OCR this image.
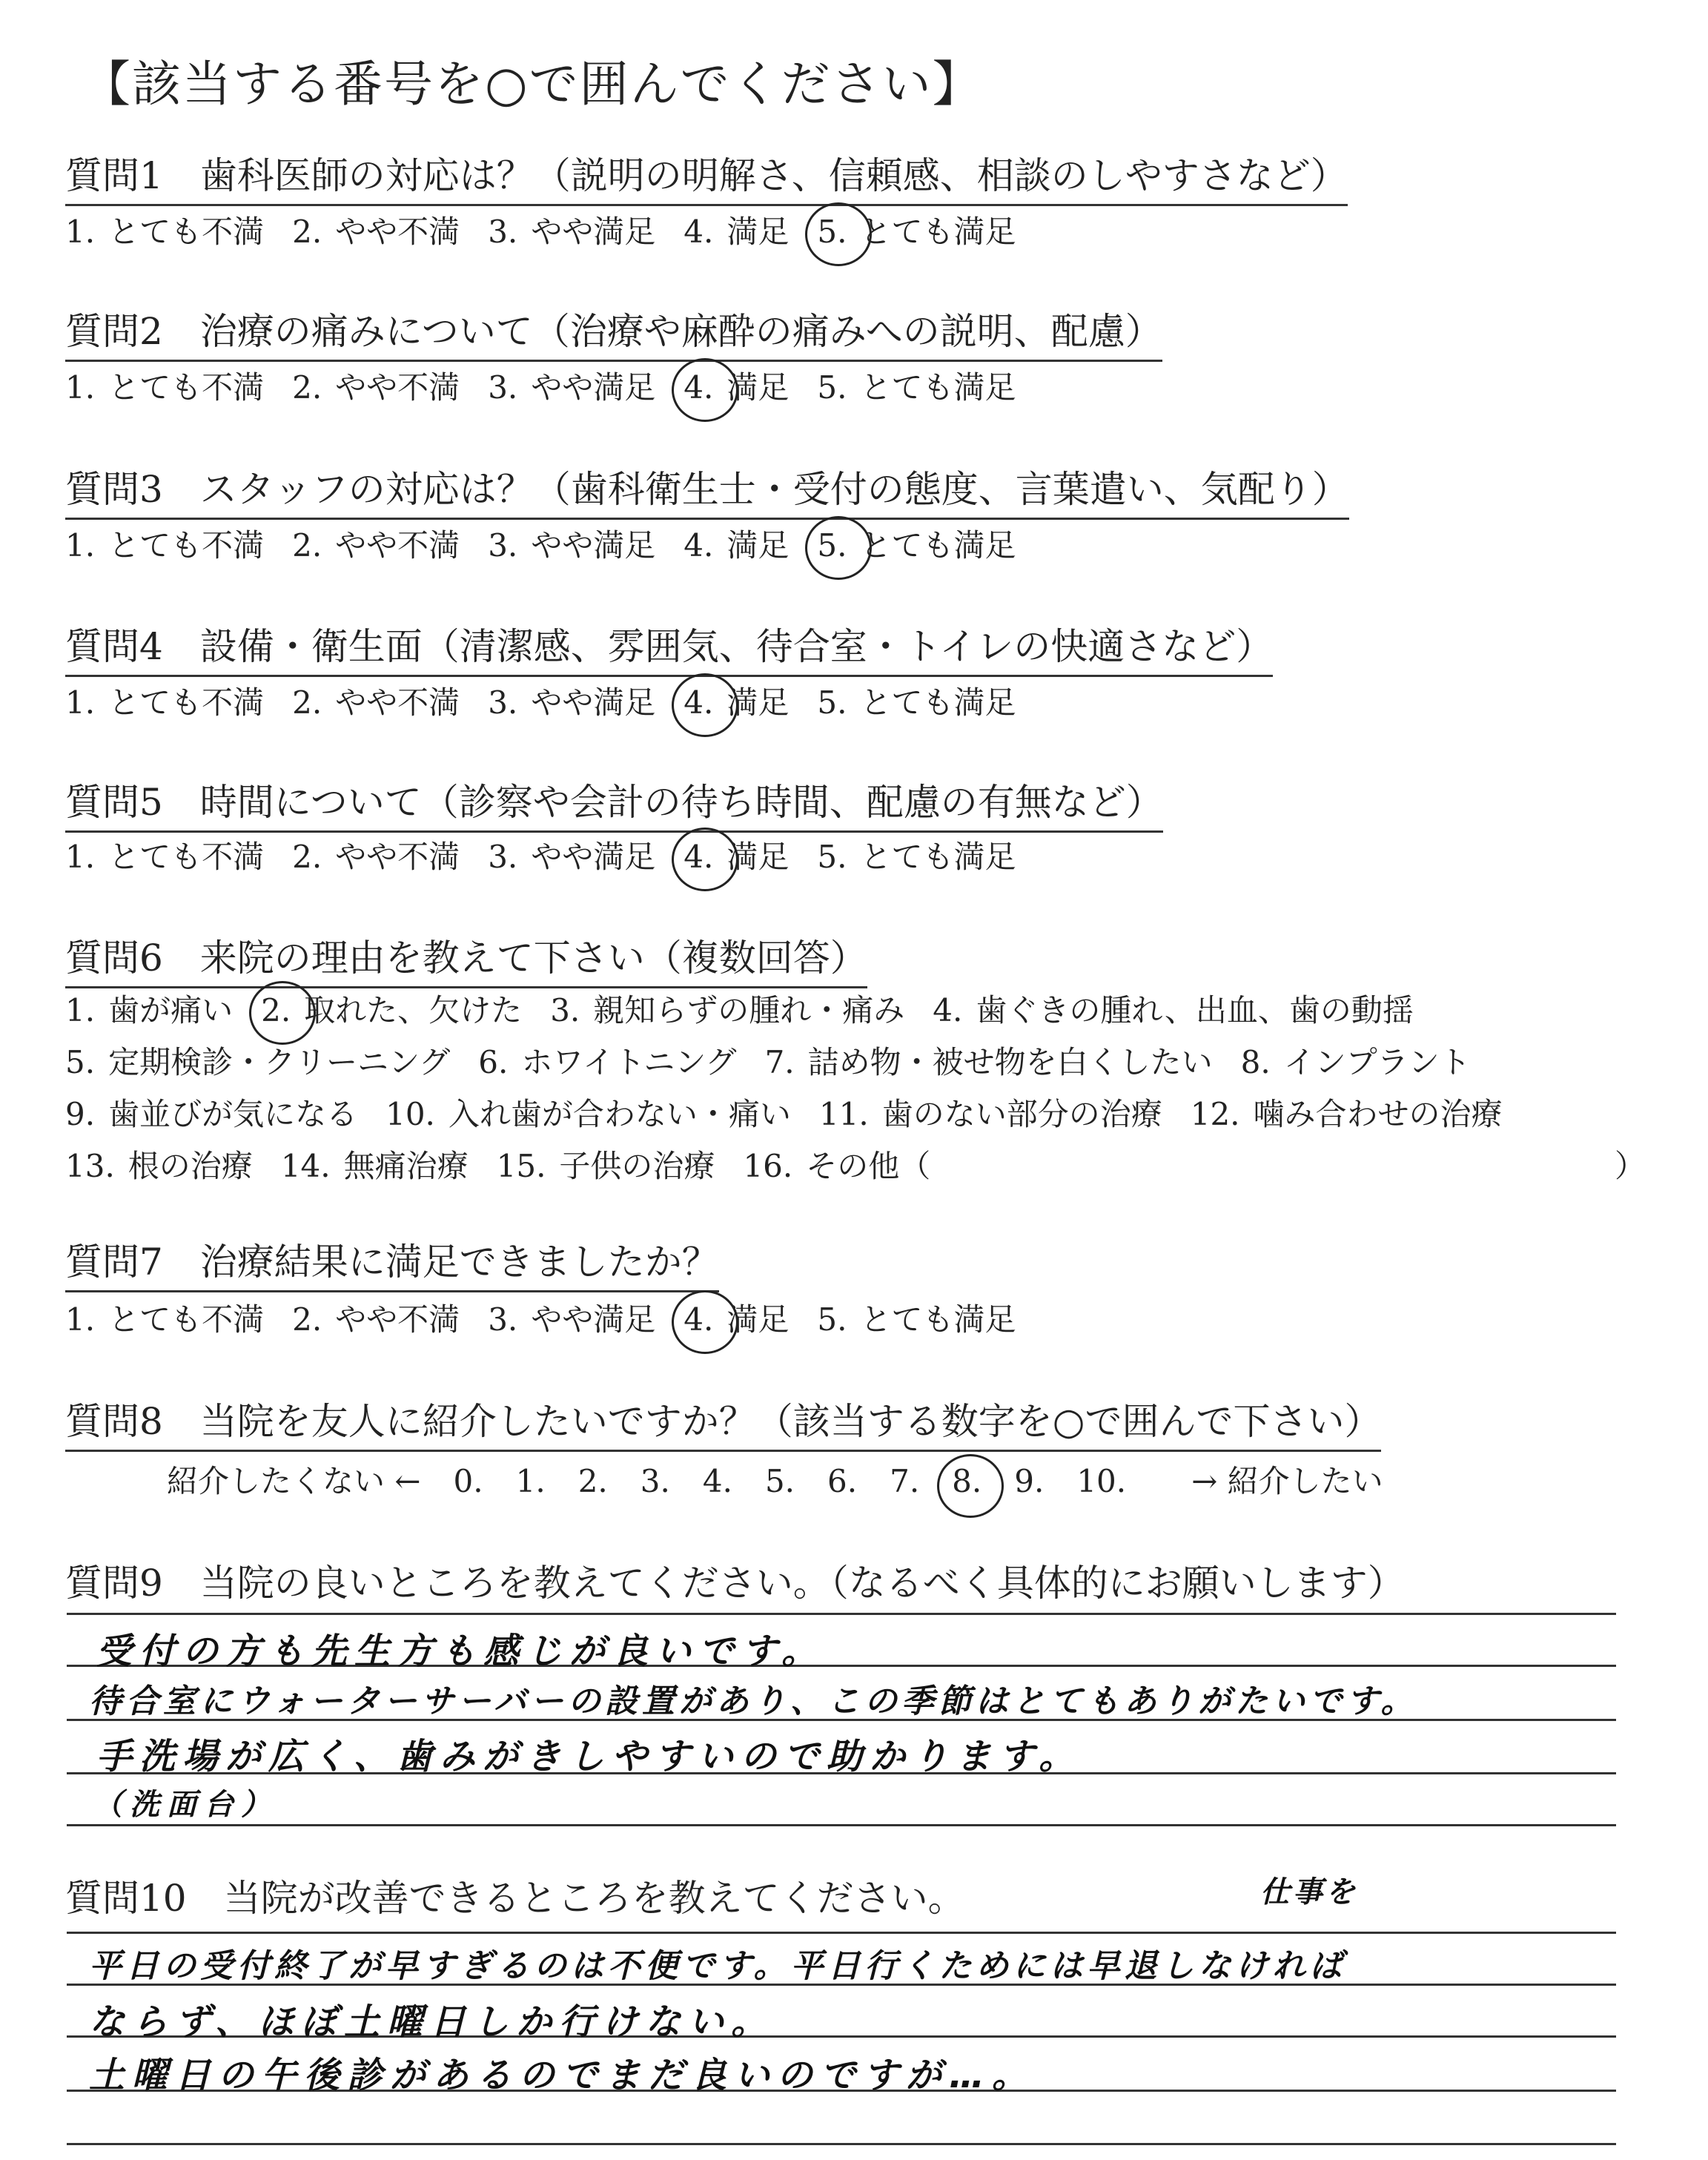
【該当する番号を○で囲んでください】
質問1　歯科医師の対応は？（説明の明解さ、信頼感、相談のしやすさなど）
1. とても不満 2. やや不満 3. やや満足 4. 満足 5. とても満足
質問2　治療の痛みについて（治療や麻酔の痛みへの説明、配慮）
1. とても不満 2. やや不満 3. やや満足 4. 満足 5. とても満足
質問3　スタッフの対応は？（歯科衛生士・受付の態度、言葉遣い、気配り）
1. とても不満 2. やや不満 3. やや満足 4. 満足 5. とても満足
質問4　設備・衛生面（清潔感、雰囲気、待合室・トイレの快適さなど）
1. とても不満 2. やや不満 3. やや満足 4. 満足 5. とても満足
質問5　時間について（診察や会計の待ち時間、配慮の有無など）
1. とても不満 2. やや不満 3. やや満足 4. 満足 5. とても満足
質問6　来院の理由を教えて下さい（複数回答）
1. 歯が痛い 2. 取れた、欠けた 3. 親知らずの腫れ・痛み 4. 歯ぐきの腫れ、出血、歯の動揺
5. 定期検診・クリーニング 6. ホワイトニング 7. 詰め物・被せ物を白くしたい 8. インプラント
9. 歯並びが気になる 10. 入れ歯が合わない・痛い 11. 歯のない部分の治療 12. 噛み合わせの治療
13. 根の治療 14. 無痛治療 15. 子供の治療 16. その他（	）
質問7　治療結果に満足できましたか？
1. とても不満 2. やや不満 3. やや満足 4. 満足 5. とても満足
質問8　当院を友人に紹介したいですか？（該当する数字を○で囲んで下さい）
紹介したくない ← 0. 1. 2. 3. 4. 5. 6. 7. 8. 9. 10. → 紹介したい
質問9　当院の良いところを教えてください。（なるべく具体的にお願いします）
受付の方も先生方も感じが良いです。
待合室にウォーターサーバーの設置があり、この季節はとてもありがたいです。
手洗場が広く、歯みがきしやすいので助かります。
（洗面台）
質問10　当院が改善できるところを教えてください。	仕事を
平日の受付終了が早すぎるのは不便です。平日行くためには早退しなければ
ならず、ほぼ土曜日しか行けない。
土曜日の午後診があるのでまだ良いのですが…。
